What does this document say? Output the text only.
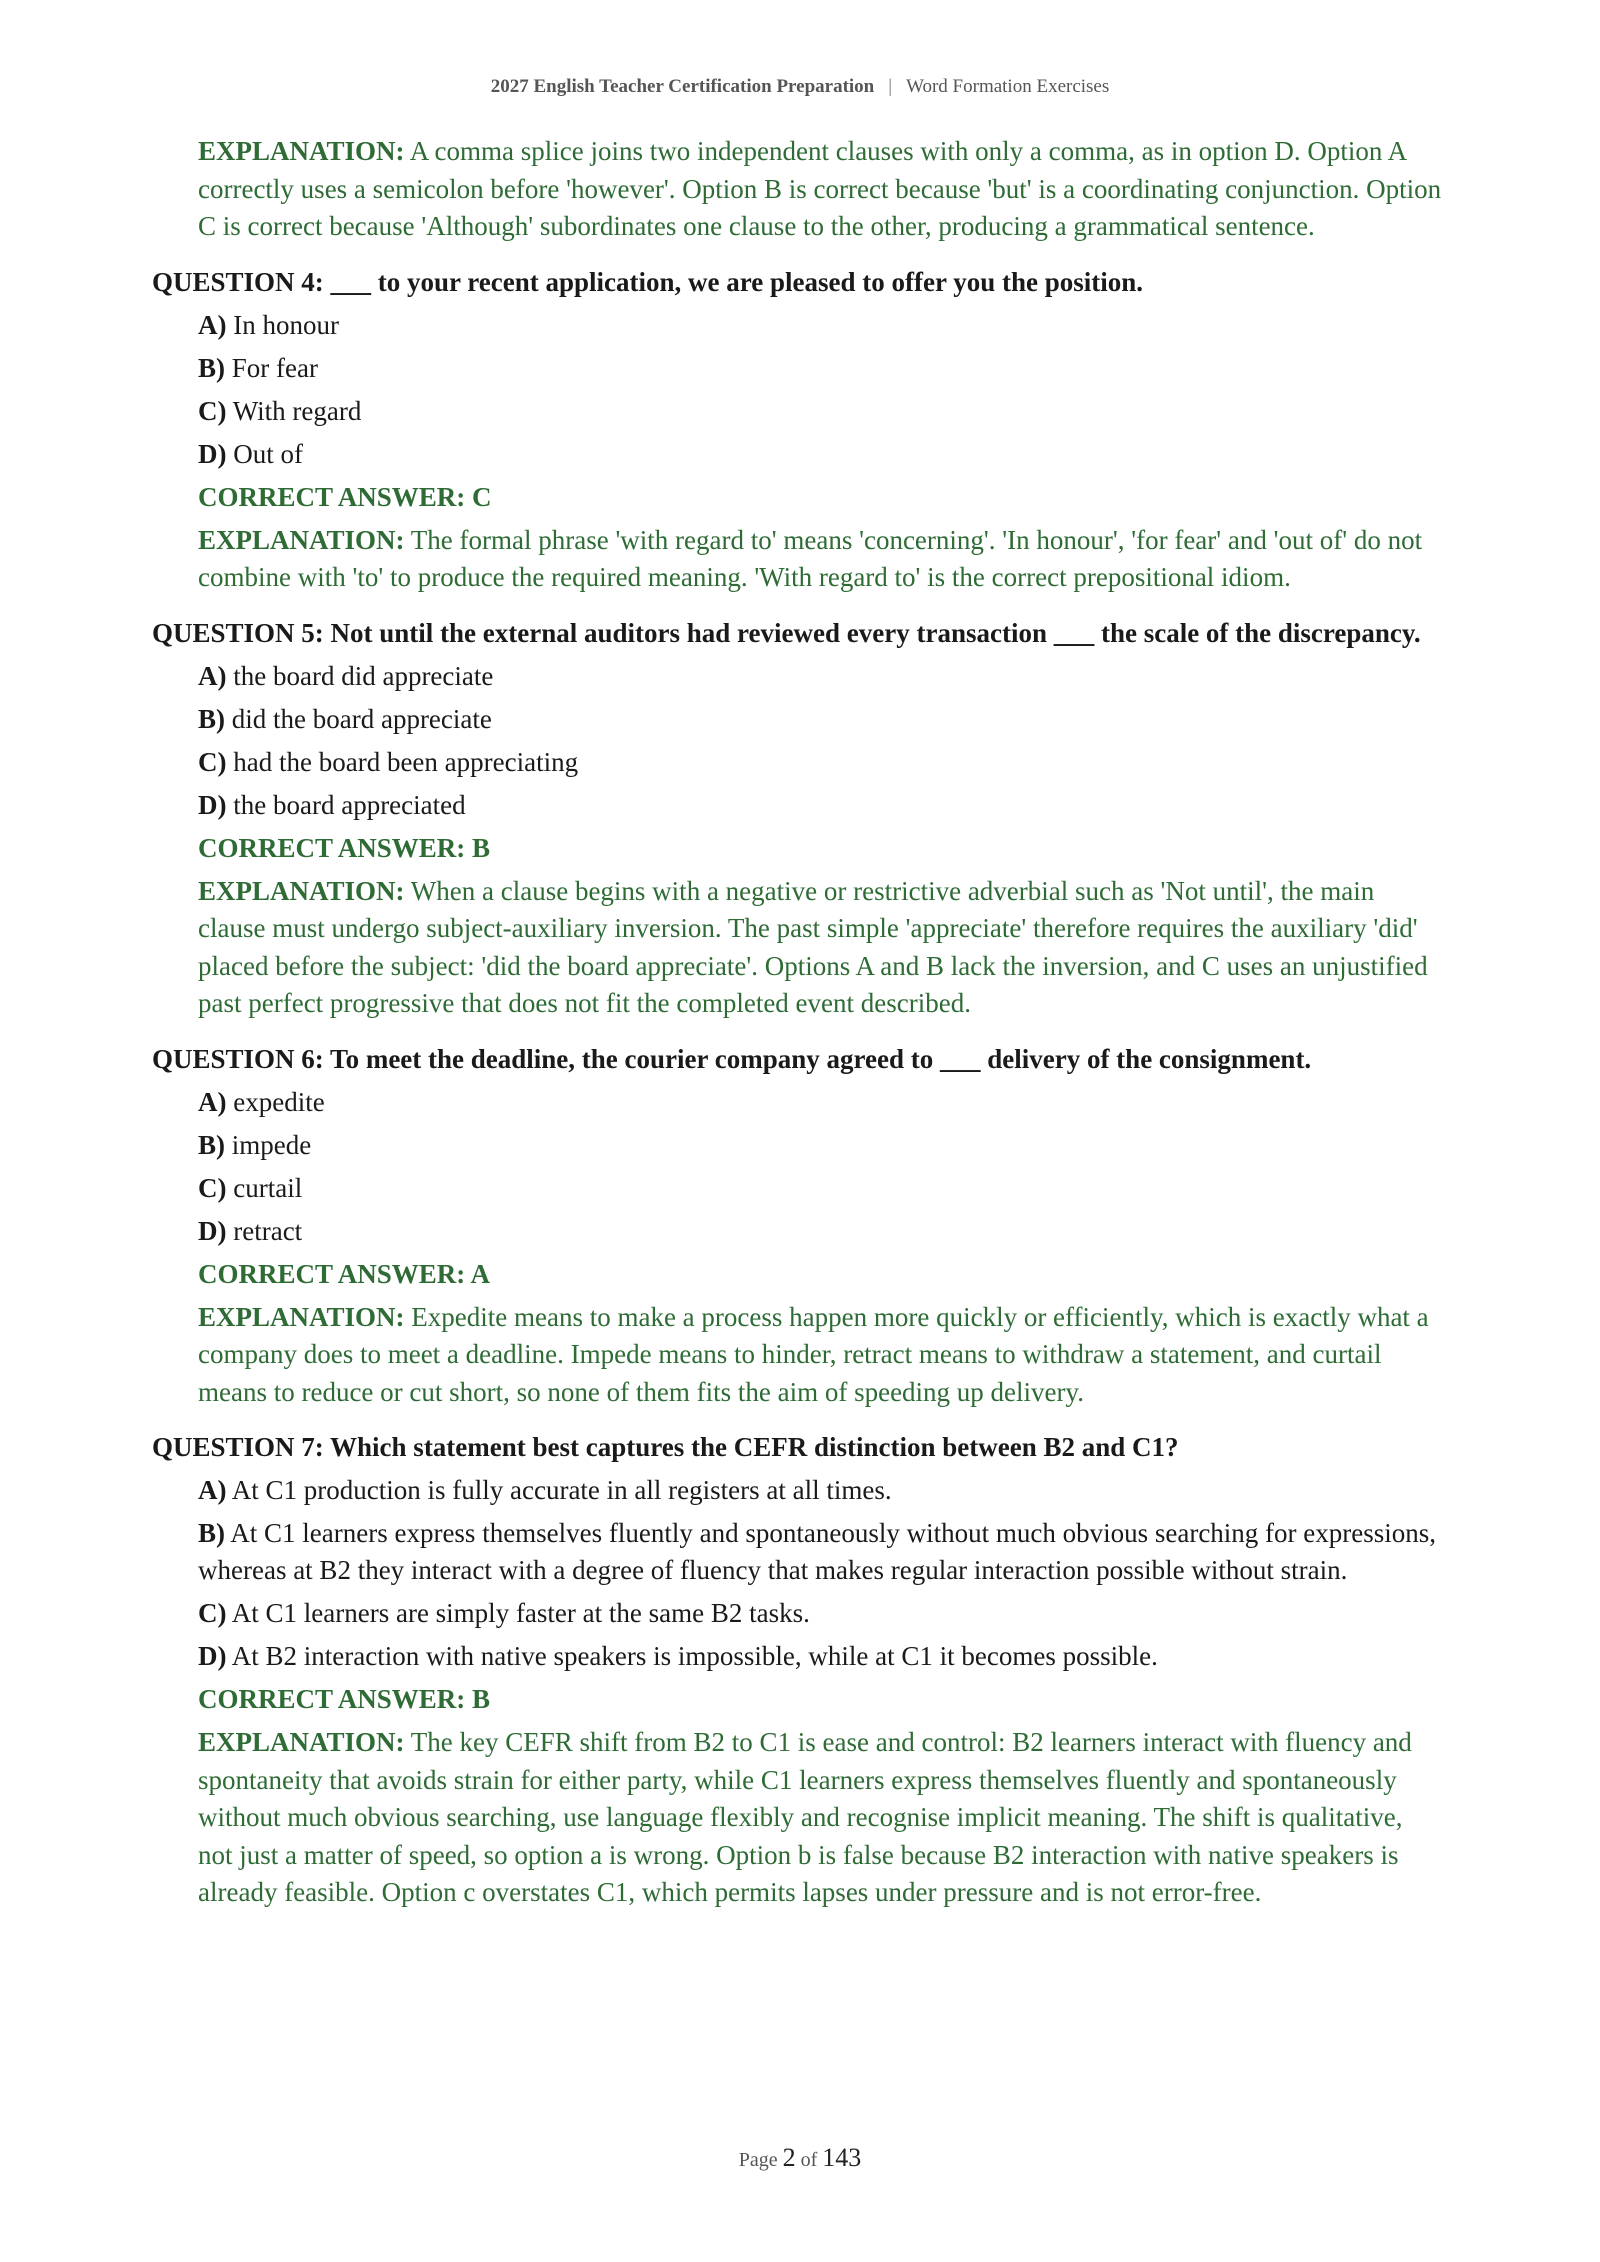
2027 English Teacher Certification Preparation | Word Formation Exercises
EXPLANATION: A comma splice joins two independent clauses with only a comma, as in option D. Option A correctly uses a semicolon before 'however'. Option B is correct because 'but' is a coordinating conjunction. Option C is correct because 'Although' subordinates one clause to the other, producing a grammatical sentence.
QUESTION 4: ___ to your recent application, we are pleased to offer you the position.
A) In honour
B) For fear
C) With regard
D) Out of
CORRECT ANSWER: C
EXPLANATION: The formal phrase 'with regard to' means 'concerning'. 'In honour', 'for fear' and 'out of' do not combine with 'to' to produce the required meaning. 'With regard to' is the correct prepositional idiom.
QUESTION 5: Not until the external auditors had reviewed every transaction ___ the scale of the discrepancy.
A) the board did appreciate
B) did the board appreciate
C) had the board been appreciating
D) the board appreciated
CORRECT ANSWER: B
EXPLANATION: When a clause begins with a negative or restrictive adverbial such as 'Not until', the main clause must undergo subject-auxiliary inversion. The past simple 'appreciate' therefore requires the auxiliary 'did' placed before the subject: 'did the board appreciate'. Options A and B lack the inversion, and C uses an unjustified past perfect progressive that does not fit the completed event described.
QUESTION 6: To meet the deadline, the courier company agreed to ___ delivery of the consignment.
A) expedite
B) impede
C) curtail
D) retract
CORRECT ANSWER: A
EXPLANATION: Expedite means to make a process happen more quickly or efficiently, which is exactly what a company does to meet a deadline. Impede means to hinder, retract means to withdraw a statement, and curtail means to reduce or cut short, so none of them fits the aim of speeding up delivery.
QUESTION 7: Which statement best captures the CEFR distinction between B2 and C1?
A) At C1 production is fully accurate in all registers at all times.
B) At C1 learners express themselves fluently and spontaneously without much obvious searching for expressions, whereas at B2 they interact with a degree of fluency that makes regular interaction possible without strain.
C) At C1 learners are simply faster at the same B2 tasks.
D) At B2 interaction with native speakers is impossible, while at C1 it becomes possible.
CORRECT ANSWER: B
EXPLANATION: The key CEFR shift from B2 to C1 is ease and control: B2 learners interact with fluency and spontaneity that avoids strain for either party, while C1 learners express themselves fluently and spontaneously without much obvious searching, use language flexibly and recognise implicit meaning. The shift is qualitative, not just a matter of speed, so option a is wrong. Option b is false because B2 interaction with native speakers is already feasible. Option c overstates C1, which permits lapses under pressure and is not error-free.
Page 2 of 143
